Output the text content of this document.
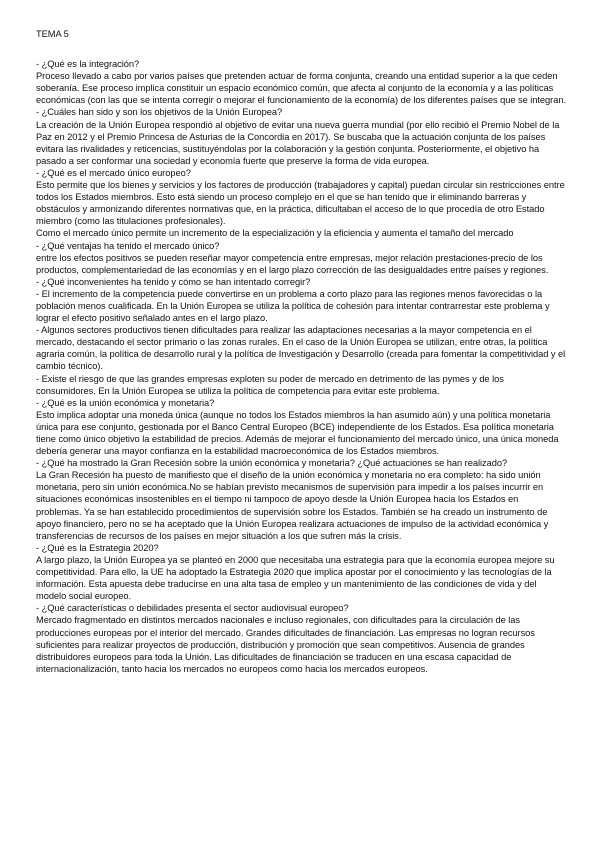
TEMA 5
- ¿Qué es la integración?
Proceso llevado a cabo por varios países que pretenden actuar de forma conjunta, creando una entidad superior a la que ceden soberanía. Ese proceso implica constituir un espacio económico común, que afecta al conjunto de la economía y a las políticas económicas (con las que se intenta corregir o mejorar el funcionamiento de la economía) de los diferentes países que se integran.
- ¿Cuáles han sido y son los objetivos de la Unión Europea?
La creación de la Unión Europea respondió al objetivo de evitar una nueva guerra mundial (por ello recibió el Premio Nobel de la Paz en 2012 y el Premio Princesa de Asturias de la Concordia en 2017). Se buscaba que la actuación conjunta de los países evitara las rivalidades y reticencias, sustituyéndolas por la colaboración y la gestión conjunta. Posteriormente, el objetivo ha pasado a ser conformar una sociedad y economía fuerte que preserve la forma de vida europea.
- ¿Qué es el mercado único europeo?
Esto permite que los bienes y servicios y los factores de producción (trabajadores y capital) puedan circular sin restricciones entre todos los Estados miembros. Esto está siendo un proceso complejo en el que se han tenido que ir eliminando barreras y obstáculos y armonizando diferentes normativas que, en la práctica, dificultaban el acceso de lo que procedía de otro Estado miembro (como las titulaciones profesionales).
Como el mercado único permite un incremento de la especialización y la eficiencia y aumenta el tamaño del mercado
- ¿Qué ventajas ha tenido el mercado único?
entre los efectos positivos se pueden reseñar mayor competencia entre empresas, mejor relación prestaciones-precio de los productos, complementariedad de las economías y en el largo plazo corrección de las desigualdades entre países y regiones.
- ¿Qué inconvenientes ha tenido y cómo se han intentado corregir?
- El incremento de la competencia puede convertirse en un problema a corto plazo para las regiones menos favorecidas o la población menos cualificada. En la Unión Europea se utiliza la política de cohesión para intentar contrarrestar este problema y lograr el efecto positivo señalado antes en el largo plazo.
- Algunos sectores productivos tienen dificultades para realizar las adaptaciones necesarias a la mayor competencia en el mercado, destacando el sector primario o las zonas rurales. En el caso de la Unión Europea se utilizan, entre otras, la política agraria común, la política de desarrollo rural y la política de Investigación y Desarrollo (creada para fomentar la competitividad y el cambio técnico).
- Existe el riesgo de que las grandes empresas exploten su poder de mercado en detrimento de las pymes y de los consumidores. En la Unión Europea se utiliza la política de competencia para evitar este problema.
- ¿Qué es la unión económica y monetaria?
Esto implica adoptar una moneda única (aunque no todos los Estados miembros la han asumido aún) y una política monetaria única para ese conjunto, gestionada por el Banco Central Europeo (BCE) independiente de los Estados. Esa política monetaria tiene como único objetivo la estabilidad de precios. Además de mejorar el funcionamiento del mercado único, una única moneda debería generar una mayor confianza en la estabilidad macroeconómica de los Estados miembros.
- ¿Qué ha mostrado la Gran Recesión sobre la unión económica y monetaria? ¿Qué actuaciones se han realizado?
La Gran Recesión ha puesto de manifiesto que el diseño de la unión económica y monetaria no era completo: ha sido unión monetaria, pero sin unión económica.No se habían previsto mecanismos de supervisión para impedir a los países incurrir en situaciones económicas insostenibles en el tiempo ni tampoco de apoyo desde la Unión Europea hacia los Estados en problemas. Ya se han establecido procedimientos de supervisión sobre los Estados. También se ha creado un instrumento de apoyo financiero, pero no se ha aceptado que la Unión Europea realizara actuaciones de impulso de la actividad económica y transferencias de recursos de los países en mejor situación a los que sufren más la crisis.
- ¿Qué es la Estrategia 2020?
A largo plazo, la Unión Europea ya se planteó en 2000 que necesitaba una estrategia para que la economía europea mejore su competitividad. Para ello, la UE ha adoptado la Estrategia 2020 que implica apostar por el conocimiento y las tecnologías de la información. Esta apuesta debe traducirse en una alta tasa de empleo y un mantenimiento de las condiciones de vida y del modelo social europeo.
- ¿Qué características o debilidades presenta el sector audiovisual europeo?
Mercado fragmentado en distintos mercados nacionales e incluso regionales, con dificultades para la circulación de las producciones europeas por el interior del mercado. Grandes dificultades de financiación. Las empresas no logran recursos suficientes para realizar proyectos de producción, distribución y promoción que sean competitivos. Ausencia de grandes distribuidores europeos para toda la Unión. Las dificultades de financiación se traducen en una escasa capacidad de internacionalización, tanto hacia los mercados no europeos como hacia los mercados europeos.
